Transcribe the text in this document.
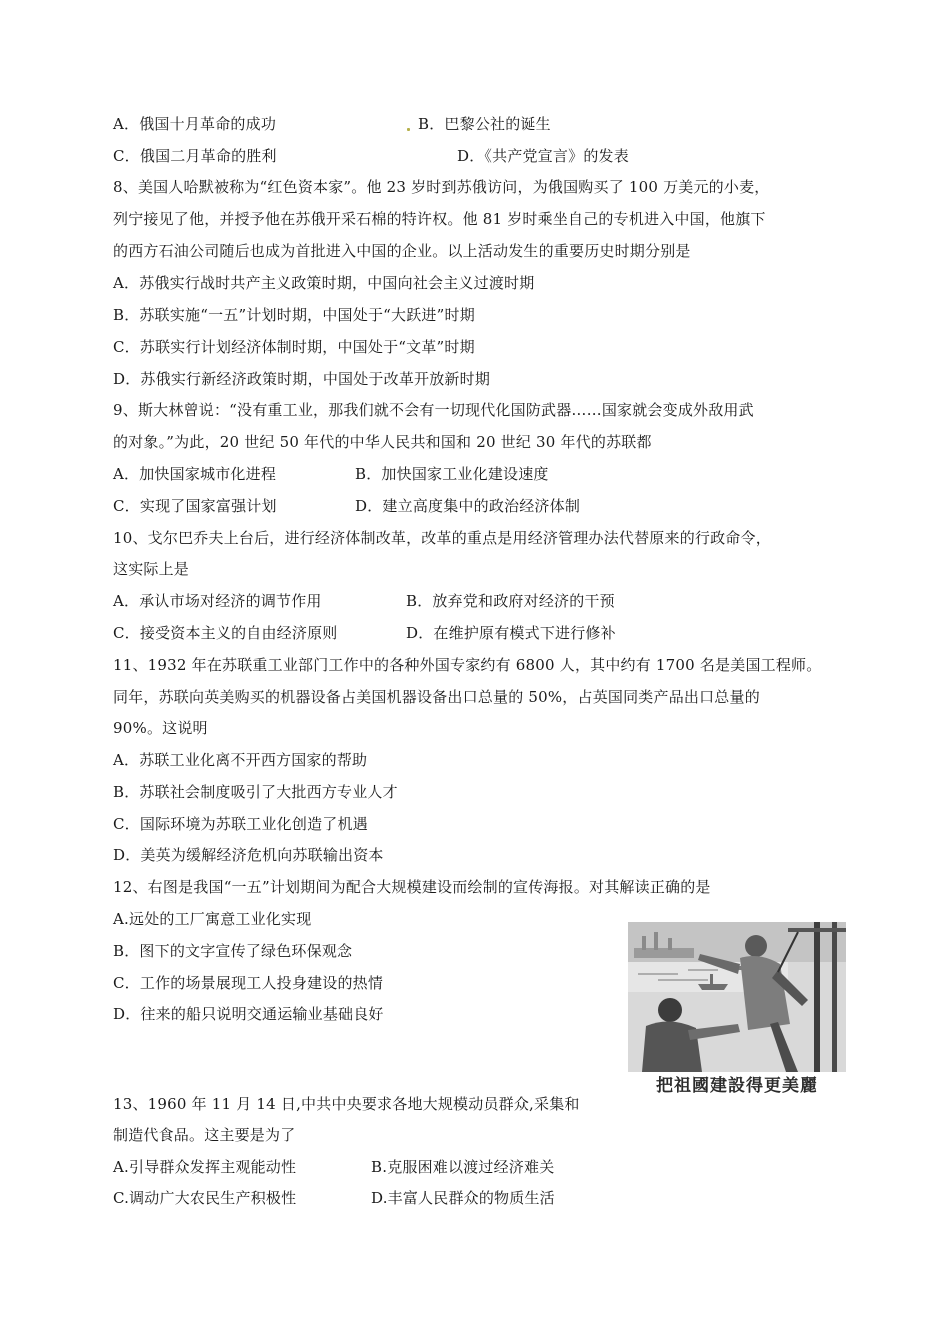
A．俄国十月革命的成功	B．巴黎公社的诞生
C．俄国二月革命的胜利	D．《共产党宣言》的发表
8、美国人哈默被称为“红色资本家”。他 23 岁时到苏俄访问，为俄国购买了 100 万美元的小麦，
列宁接见了他，并授予他在苏俄开采石棉的特许权。他 81 岁时乘坐自己的专机进入中国，他旗下
的西方石油公司随后也成为首批进入中国的企业。以上活动发生的重要历史时期分别是
A．苏俄实行战时共产主义政策时期，中国向社会主义过渡时期
B．苏联实施“一五”计划时期，中国处于“大跃进”时期
C．苏联实行计划经济体制时期，中国处于“文革”时期
D．苏俄实行新经济政策时期，中国处于改革开放新时期
9、斯大林曾说：“没有重工业，那我们就不会有一切现代化国防武器……国家就会变成外敌用武
的对象。”为此，20 世纪 50 年代的中华人民共和国和 20 世纪 30 年代的苏联都
A．加快国家城市化进程	B．加快国家工业化建设速度
C．实现了国家富强计划	D．建立高度集中的政治经济体制
10、戈尔巴乔夫上台后，进行经济体制改革，改革的重点是用经济管理办法代替原来的行政命令，
这实际上是
A．承认市场对经济的调节作用	B．放弃党和政府对经济的干预
C．接受资本主义的自由经济原则	D．在维护原有模式下进行修补
11、1932 年在苏联重工业部门工作中的各种外国专家约有 6800 人，其中约有 1700 名是美国工程师。
同年，苏联向英美购买的机器设备占美国机器设备出口总量的 50%，占英国同类产品出口总量的
90%。这说明
A．苏联工业化离不开西方国家的帮助
B．苏联社会制度吸引了大批西方专业人才
C．国际环境为苏联工业化创造了机遇
D．美英为缓解经济危机向苏联输出资本
12、右图是我国“一五”计划期间为配合大规模建设而绘制的宣传海报。对其解读正确的是
A.远处的工厂寓意工业化实现
B．图下的文字宣传了绿色环保观念
C．工作的场景展现工人投身建设的热情
D．往来的船只说明交通运输业基础良好
把祖國建設得更美麗
13、1960 年 11 月 14 日,中共中央要求各地大规模动员群众,采集和
制造代食品。这主要是为了
A.引导群众发挥主观能动性	B.克服困难以渡过经济难关
C.调动广大农民生产积极性	D.丰富人民群众的物质生活
